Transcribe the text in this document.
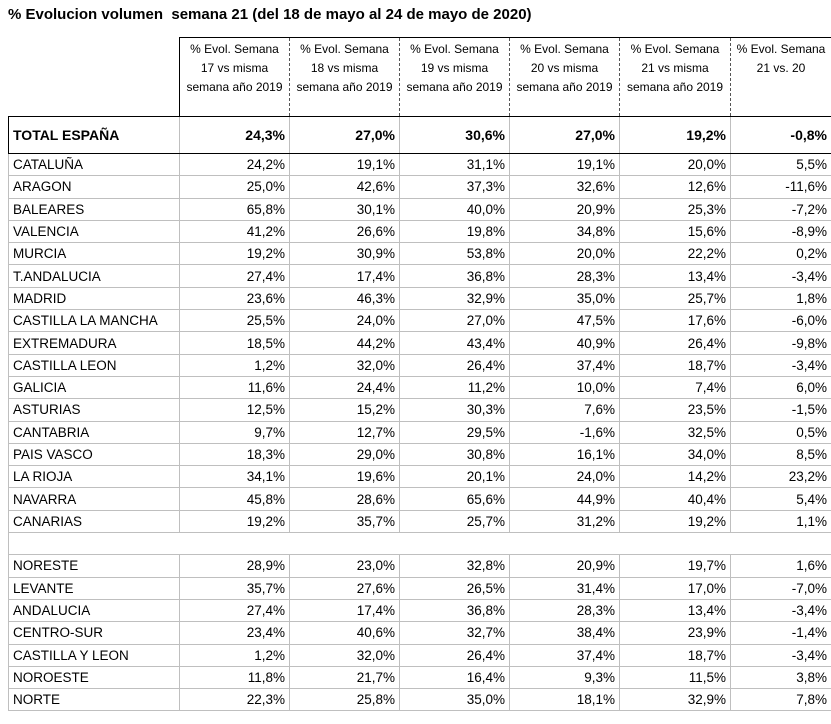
% Evolucion volumen  semana 21 (del 18 de mayo al 24 de mayo de 2020)
	% Evol. Semana 17 vs misma semana año 2019	% Evol. Semana 18 vs misma semana año 2019	% Evol. Semana 19 vs misma semana año 2019	% Evol. Semana 20 vs misma semana año 2019	% Evol. Semana 21 vs misma semana año 2019	% Evol. Semana 21 vs. 20
TOTAL ESPAÑA	24,3%	27,0%	30,6%	27,0%	19,2%	-0,8%
CATALUÑA	24,2%	19,1%	31,1%	19,1%	20,0%	5,5%
ARAGON	25,0%	42,6%	37,3%	32,6%	12,6%	-11,6%
BALEARES	65,8%	30,1%	40,0%	20,9%	25,3%	-7,2%
VALENCIA	41,2%	26,6%	19,8%	34,8%	15,6%	-8,9%
MURCIA	19,2%	30,9%	53,8%	20,0%	22,2%	0,2%
T.ANDALUCIA	27,4%	17,4%	36,8%	28,3%	13,4%	-3,4%
MADRID	23,6%	46,3%	32,9%	35,0%	25,7%	1,8%
CASTILLA LA MANCHA	25,5%	24,0%	27,0%	47,5%	17,6%	-6,0%
EXTREMADURA	18,5%	44,2%	43,4%	40,9%	26,4%	-9,8%
CASTILLA LEON	1,2%	32,0%	26,4%	37,4%	18,7%	-3,4%
GALICIA	11,6%	24,4%	11,2%	10,0%	7,4%	6,0%
ASTURIAS	12,5%	15,2%	30,3%	7,6%	23,5%	-1,5%
CANTABRIA	9,7%	12,7%	29,5%	-1,6%	32,5%	0,5%
PAIS VASCO	18,3%	29,0%	30,8%	16,1%	34,0%	8,5%
LA RIOJA	34,1%	19,6%	20,1%	24,0%	14,2%	23,2%
NAVARRA	45,8%	28,6%	65,6%	44,9%	40,4%	5,4%
CANARIAS	19,2%	35,7%	25,7%	31,2%	19,2%	1,1%

NORESTE	28,9%	23,0%	32,8%	20,9%	19,7%	1,6%
LEVANTE	35,7%	27,6%	26,5%	31,4%	17,0%	-7,0%
ANDALUCIA	27,4%	17,4%	36,8%	28,3%	13,4%	-3,4%
CENTRO-SUR	23,4%	40,6%	32,7%	38,4%	23,9%	-1,4%
CASTILLA Y LEON	1,2%	32,0%	26,4%	37,4%	18,7%	-3,4%
NOROESTE	11,8%	21,7%	16,4%	9,3%	11,5%	3,8%
NORTE	22,3%	25,8%	35,0%	18,1%	32,9%	7,8%
